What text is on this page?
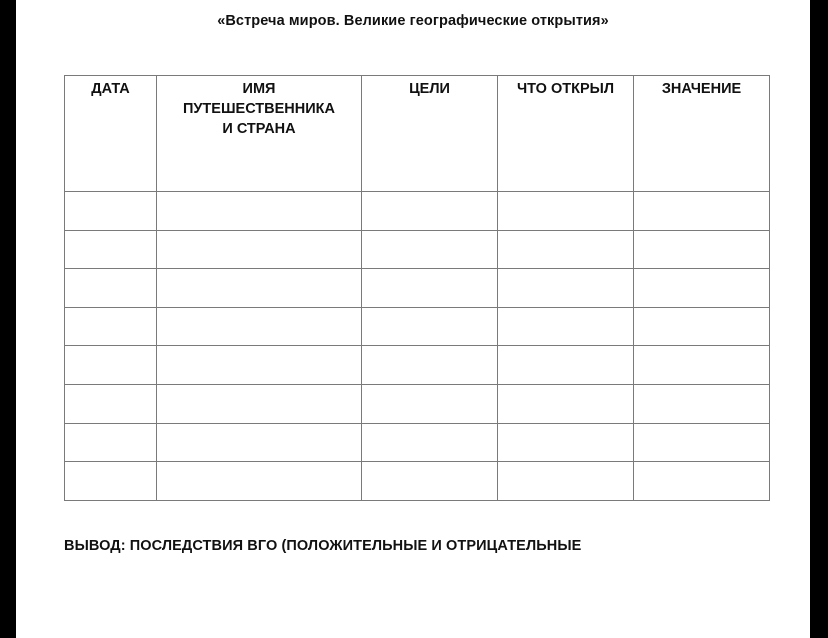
«Встреча миров. Великие географические открытия»

ДАТА	ИМЯ
ПУТЕШЕСТВЕННИКА
И СТРАНА	ЦЕЛИ	ЧТО ОТКРЫЛ	ЗНАЧЕНИЕ

ВЫВОД: ПОСЛЕДСТВИЯ ВГО (ПОЛОЖИТЕЛЬНЫЕ И ОТРИЦАТЕЛЬНЫЕ
